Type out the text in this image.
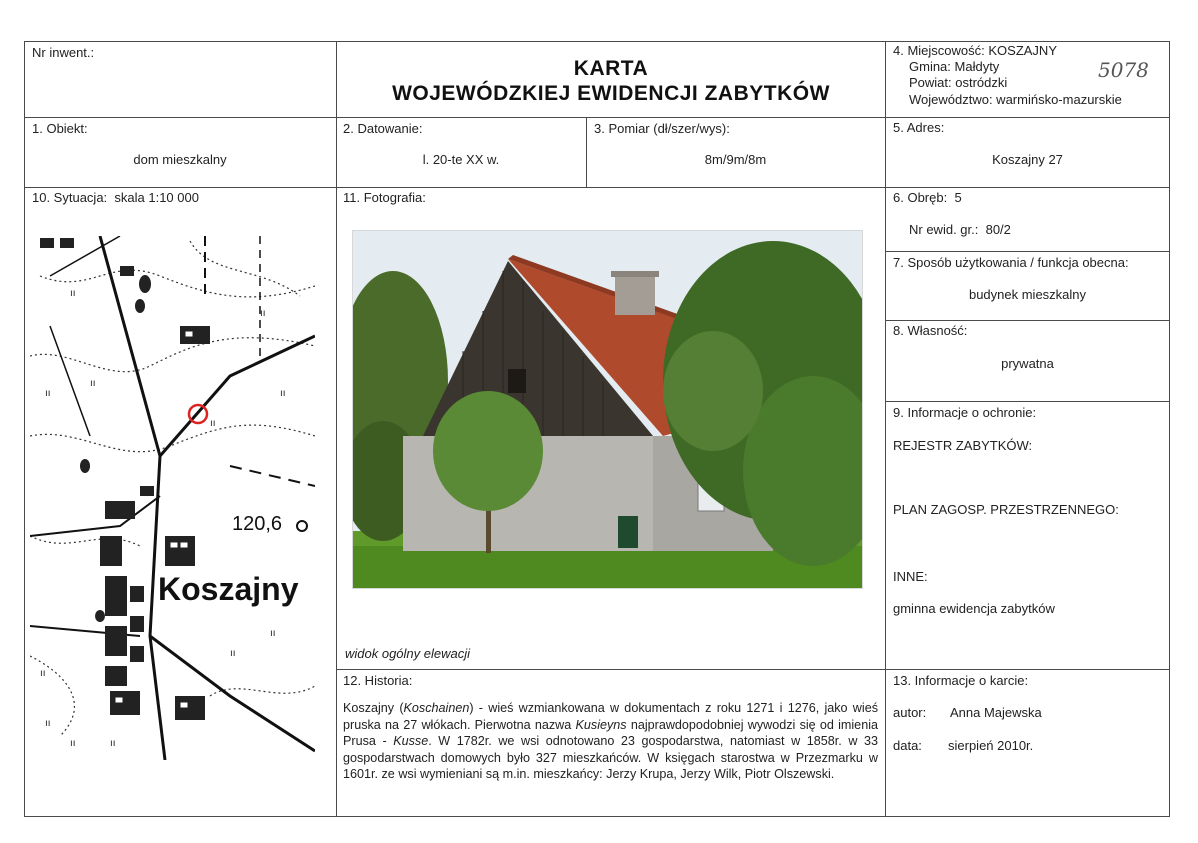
Nr inwent.:
KARTA
WOJEWÓDZKIEJ EWIDENCJI ZABYTKÓW
4. Miejscowość: KOSZAJNY
Gmina: Małdyty
Powiat: ostródzki
Województwo: warmińsko-mazurskie
5078
1. Obiekt:
dom mieszkalny
2. Datowanie:
l. 20-te XX w.
3. Pomiar (dł/szer/wys):
8m/9m/8m
5. Adres:
Koszajny 27
10. Sytuacja: skala 1:10 000
ıı
ıı
ıı
ıı
ıı
ıı
ıı
ıı	ıı
ıı
ıı
ıı
120,6
Koszajny
11. Fotografia:
widok ogólny elewacji
6. Obręb: 5
Nr ewid. gr.: 80/2
7. Sposób użytkowania / funkcja obecna:
budynek mieszkalny
8. Własność:
prywatna
9. Informacje o ochronie:
REJESTR ZABYTKÓW:
PLAN ZAGOSP. PRZESTRZENNEGO:
INNE:
gminna ewidencja zabytków
12. Historia:
Koszajny (Koschainen) - wieś wzmiankowana w dokumentach z roku 1271 i 1276, jako wieś pruska na 27 włókach. Pierwotna nazwa Kusieyns najprawdopodobniej wywodzi się od imienia Prusa - Kusse. W 1782r. we wsi odnotowano 23 gospodarstwa, natomiast w 1858r. w 33 gospodarstwach domowych było 327 mieszkańców. W księgach starostwa w Przezmarku w 1601r. ze wsi wymieniani są m.in. mieszkańcy: Jerzy Krupa, Jerzy Wilk, Piotr Olszewski.
13. Informacje o karcie:
autor: Anna Majewska
data: sierpień 2010r.
